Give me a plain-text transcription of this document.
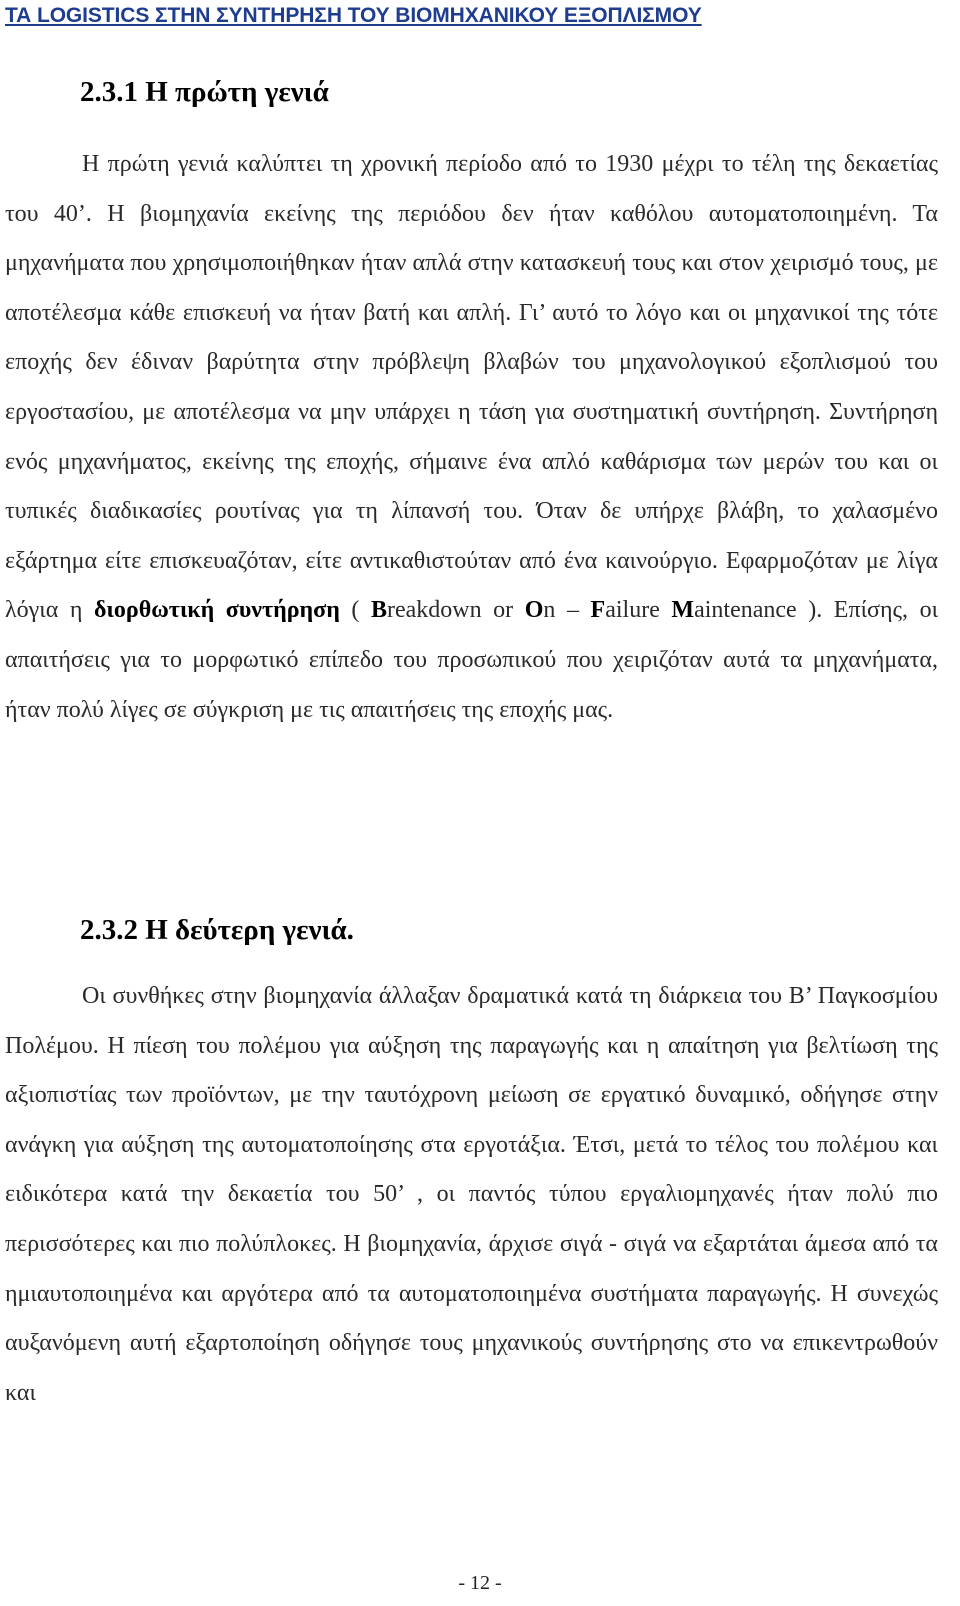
ΤΑ LOGISTICS ΣΤΗΝ ΣΥΝΤΗΡΗΣΗ ΤΟΥ ΒΙΟΜΗΧΑΝΙΚΟΥ ΕΞΟΠΛΙΣΜΟΥ
2.3.1 Η πρώτη γενιά

Η πρώτη γενιά καλύπτει τη χρονική περίοδο από το 1930 μέχρι το τέλη της δεκαετίας του 40’. Η βιομηχανία εκείνης της περιόδου δεν ήταν καθόλου αυτοματοποιημένη. Τα μηχανήματα που χρησιμοποιήθηκαν ήταν απλά στην κατασκευή τους και στον χειρισμό τους, με αποτέλεσμα κάθε επισκευή να ήταν βατή και απλή. Γι’ αυτό το λόγο και οι μηχανικοί της τότε εποχής δεν έδιναν βαρύτητα στην πρόβλεψη βλαβών του μηχανολογικού εξοπλισμού του εργοστασίου, με αποτέλεσμα να μην υπάρχει η τάση για συστηματική συντήρηση. Συντήρηση ενός μηχανήματος, εκείνης της εποχής, σήμαινε ένα απλό καθάρισμα των μερών του και οι τυπικές διαδικασίες ρουτίνας για τη λίπανσή του. Όταν δε υπήρχε βλάβη, το χαλασμένο εξάρτημα είτε επισκευαζόταν, είτε αντικαθιστούταν από ένα καινούργιο. Εφαρμοζόταν με λίγα λόγια η διορθωτική συντήρηση ( Breakdown or On – Failure Maintenance ). Επίσης, οι απαιτήσεις για το μορφωτικό επίπεδο του προσωπικού που χειριζόταν αυτά τα μηχανήματα, ήταν πολύ λίγες σε σύγκριση με τις απαιτήσεις της εποχής μας.

2.3.2 Η δεύτερη γενιά.

Οι συνθήκες στην βιομηχανία άλλαξαν δραματικά κατά τη διάρκεια του Β’ Παγκοσμίου Πολέμου. Η πίεση του πολέμου για αύξηση της παραγωγής και η απαίτηση για βελτίωση της αξιοπιστίας των προϊόντων, με την ταυτόχρονη μείωση σε εργατικό δυναμικό, οδήγησε στην ανάγκη για αύξηση της αυτοματοποίησης στα εργοτάξια. Έτσι, μετά το τέλος του πολέμου και ειδικότερα κατά την δεκαετία του 50’ , οι παντός τύπου εργαλιομηχανές ήταν πολύ πιο περισσότερες και πιο πολύπλοκες. Η βιομηχανία, άρχισε σιγά - σιγά να εξαρτάται άμεσα από τα ημιαυτοποιημένα και αργότερα από τα αυτοματοποιημένα συστήματα παραγωγής. Η συνεχώς αυξανόμενη αυτή εξαρτοποίηση οδήγησε τους μηχανικούς συντήρησης στο να επικεντρωθούν και

- 12 -
